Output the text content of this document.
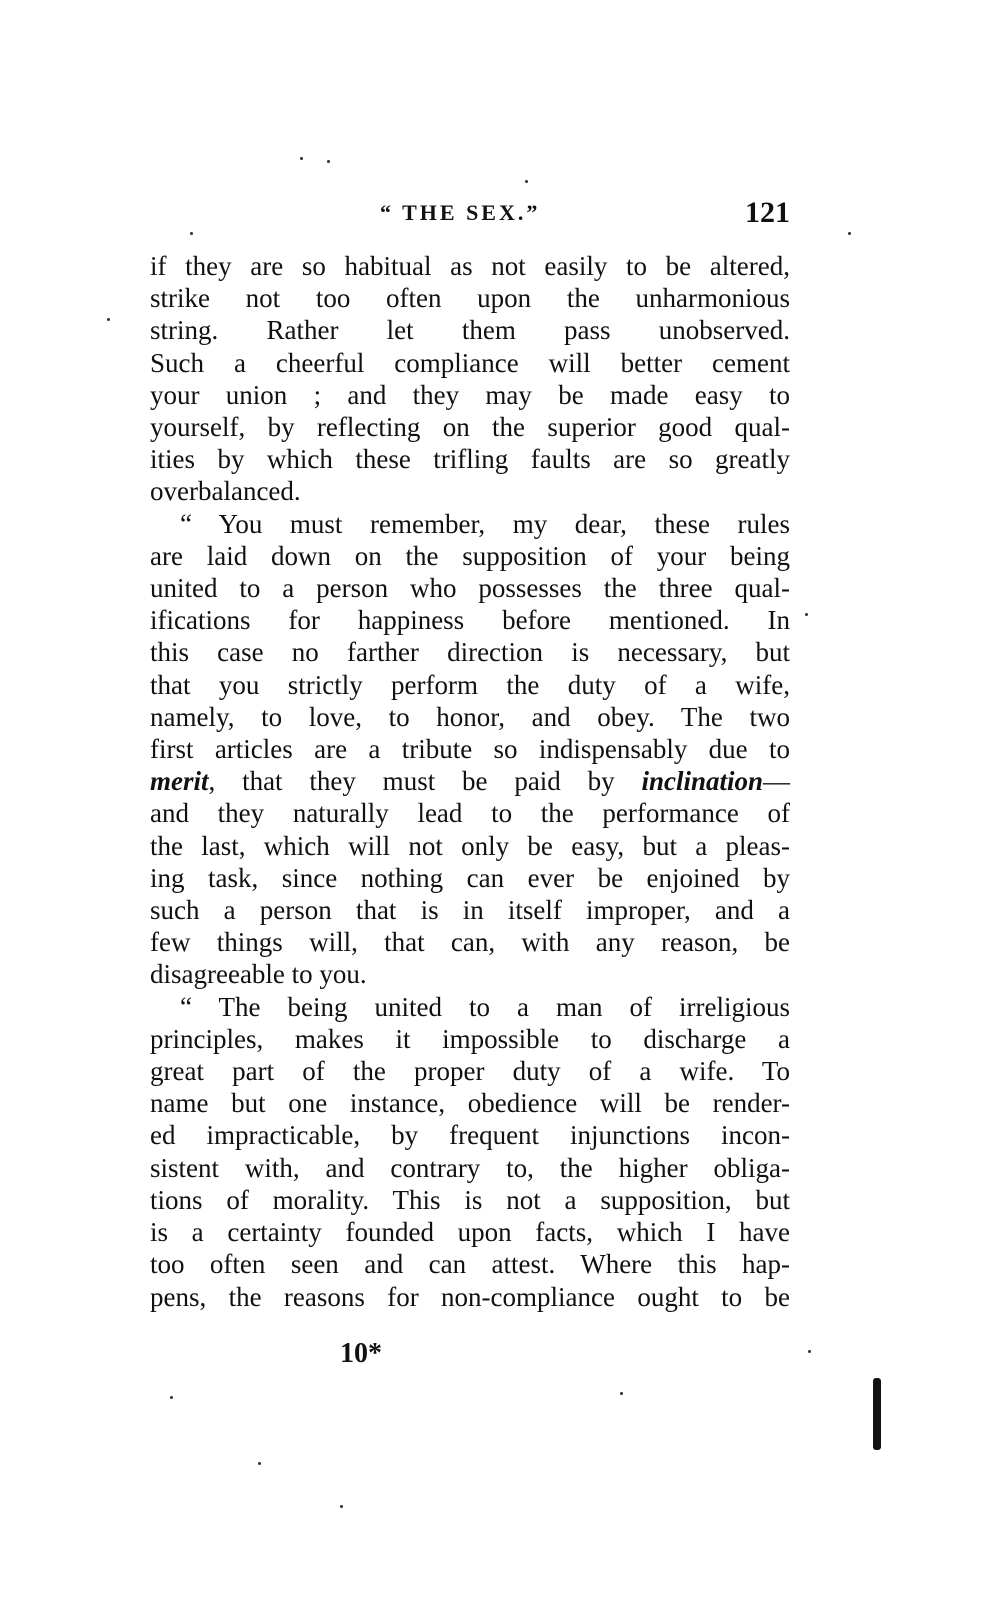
“ THE SEX.”	121
if they are so habitual as not easily to be altered,
strike not too often upon the unharmonious
string. Rather let them pass unobserved.
Such a cheerful compliance will better cement
your union ; and they may be made easy to
yourself, by reflecting on the superior good qual-
ities by which these trifling faults are so greatly
overbalanced.
“ You must remember, my dear, these rules
are laid down on the supposition of your being
united to a person who possesses the three qual-
ifications for happiness before mentioned. In
this case no farther direction is necessary, but
that you strictly perform the duty of a wife,
namely, to love, to honor, and obey. The two
first articles are a tribute so indispensably due to
merit, that they must be paid by inclination—
and they naturally lead to the performance of
the last, which will not only be easy, but a pleas-
ing task, since nothing can ever be enjoined by
such a person that is in itself improper, and a
few things will, that can, with any reason, be
disagreeable to you.
“ The being united to a man of irreligious
principles, makes it impossible to discharge a
great part of the proper duty of a wife. To
name but one instance, obedience will be render-
ed impracticable, by frequent injunctions incon-
sistent with, and contrary to, the higher obliga-
tions of morality. This is not a supposition, but
is a certainty founded upon facts, which I have
too often seen and can attest. Where this hap-
pens, the reasons for non-compliance ought to be
10*
